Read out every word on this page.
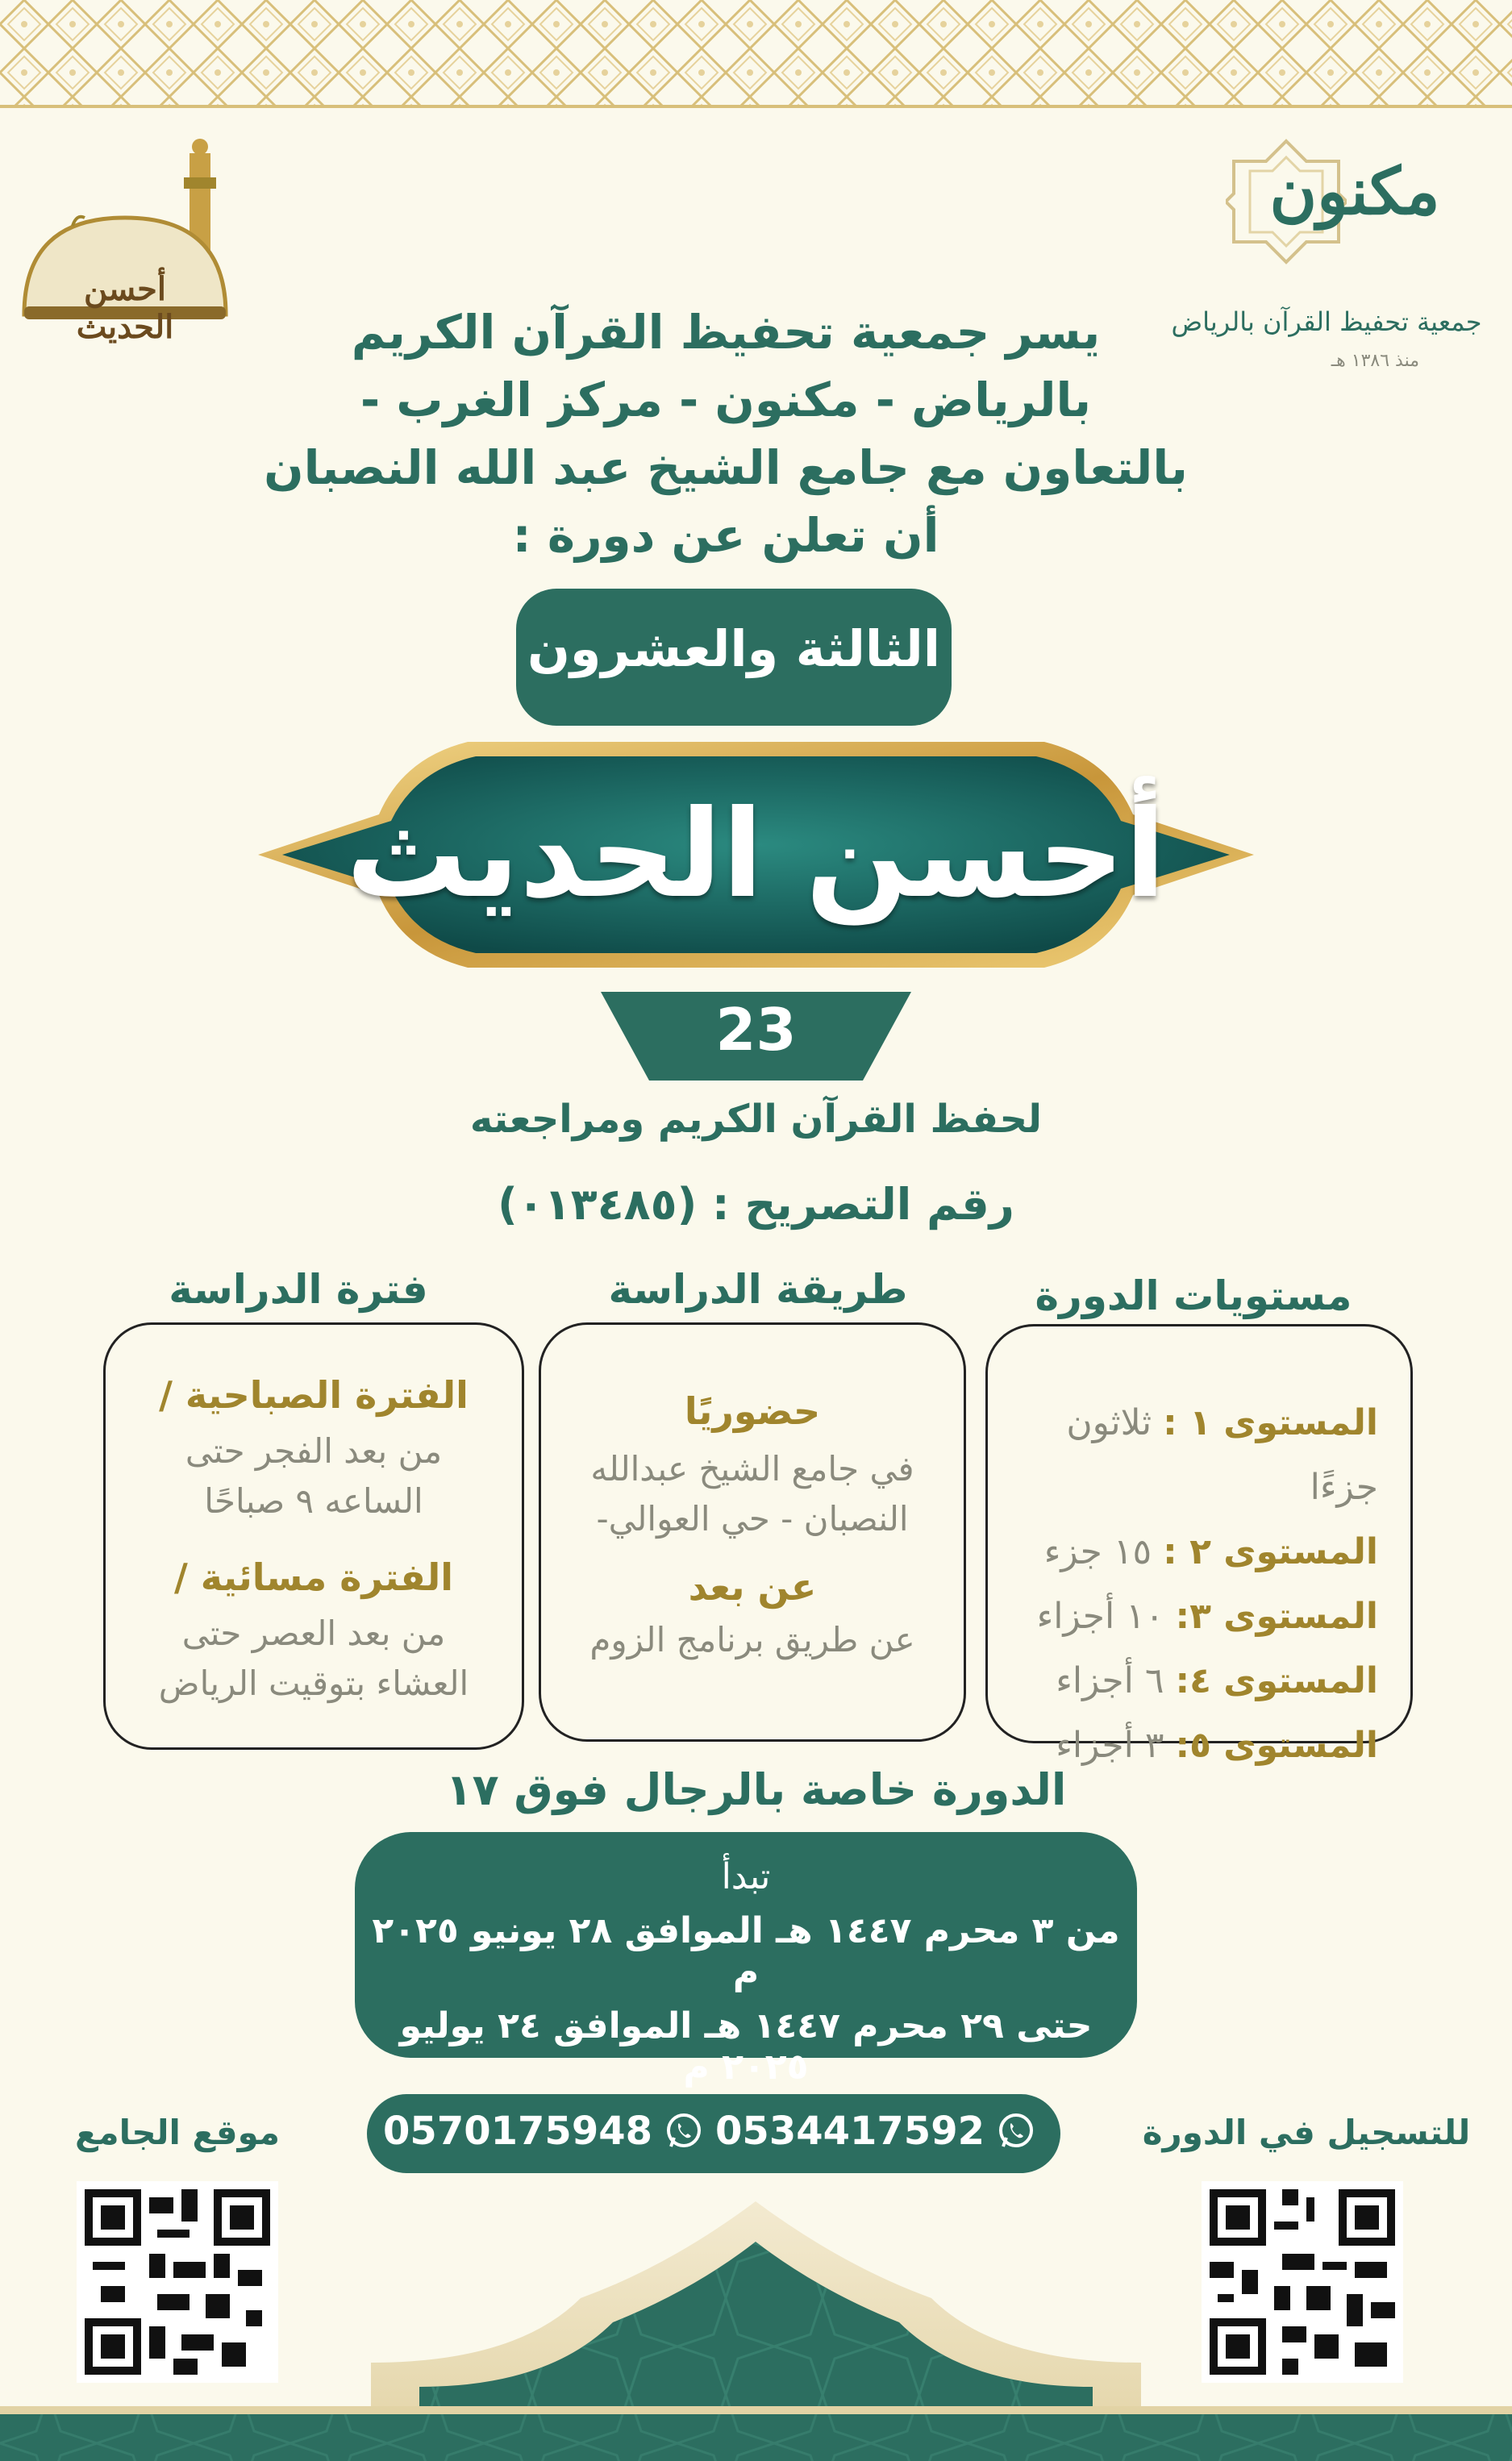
أحسن الحديث
مكنون
جمعية تحفيظ القرآن بالرياض
منذ ١٣٨٦ هـ
يسر جمعية تحفيظ القرآن الكريم
بالرياض - مكنون - مركز الغرب -
بالتعاون مع جامع الشيخ عبد الله النصبان
أن تعلن عن دورة :
الثالثة والعشرون
أحسن الحديث
23
لحفظ القرآن الكريم ومراجعته
رقم التصريح : (٠١٣٤٨٥)
مستويات الدورة
طريقة الدراسة
فترة الدراسة
المستوى ١ : ثلاثون جزءًا
المستوى ٢ : ١٥ جزء
المستوى ٣: ١٠ أجزاء
المستوى ٤: ٦ أجزاء
المستوى ٥: ٣ أجزاء
حضوريًا
في جامع الشيخ عبدالله
النصبان - حي العوالي-
عن بعد
عن طريق برنامج الزوم
الفترة الصباحية /
من بعد الفجر حتى
الساعه ٩ صباحًا
الفترة مسائية /
من بعد العصر حتى
العشاء بتوقيت الرياض
الدورة خاصة بالرجال فوق ١٧
تبدأ
من ٣ محرم ١٤٤٧ هـ الموافق ٢٨ يونيو ٢٠٢٥ م
حتى ٢٩ محرم ١٤٤٧ هـ الموافق ٢٤ يوليو ٢٠٢٥ م
0570175948 0534417592	للتسجيل في الدورة
موقع الجامع
